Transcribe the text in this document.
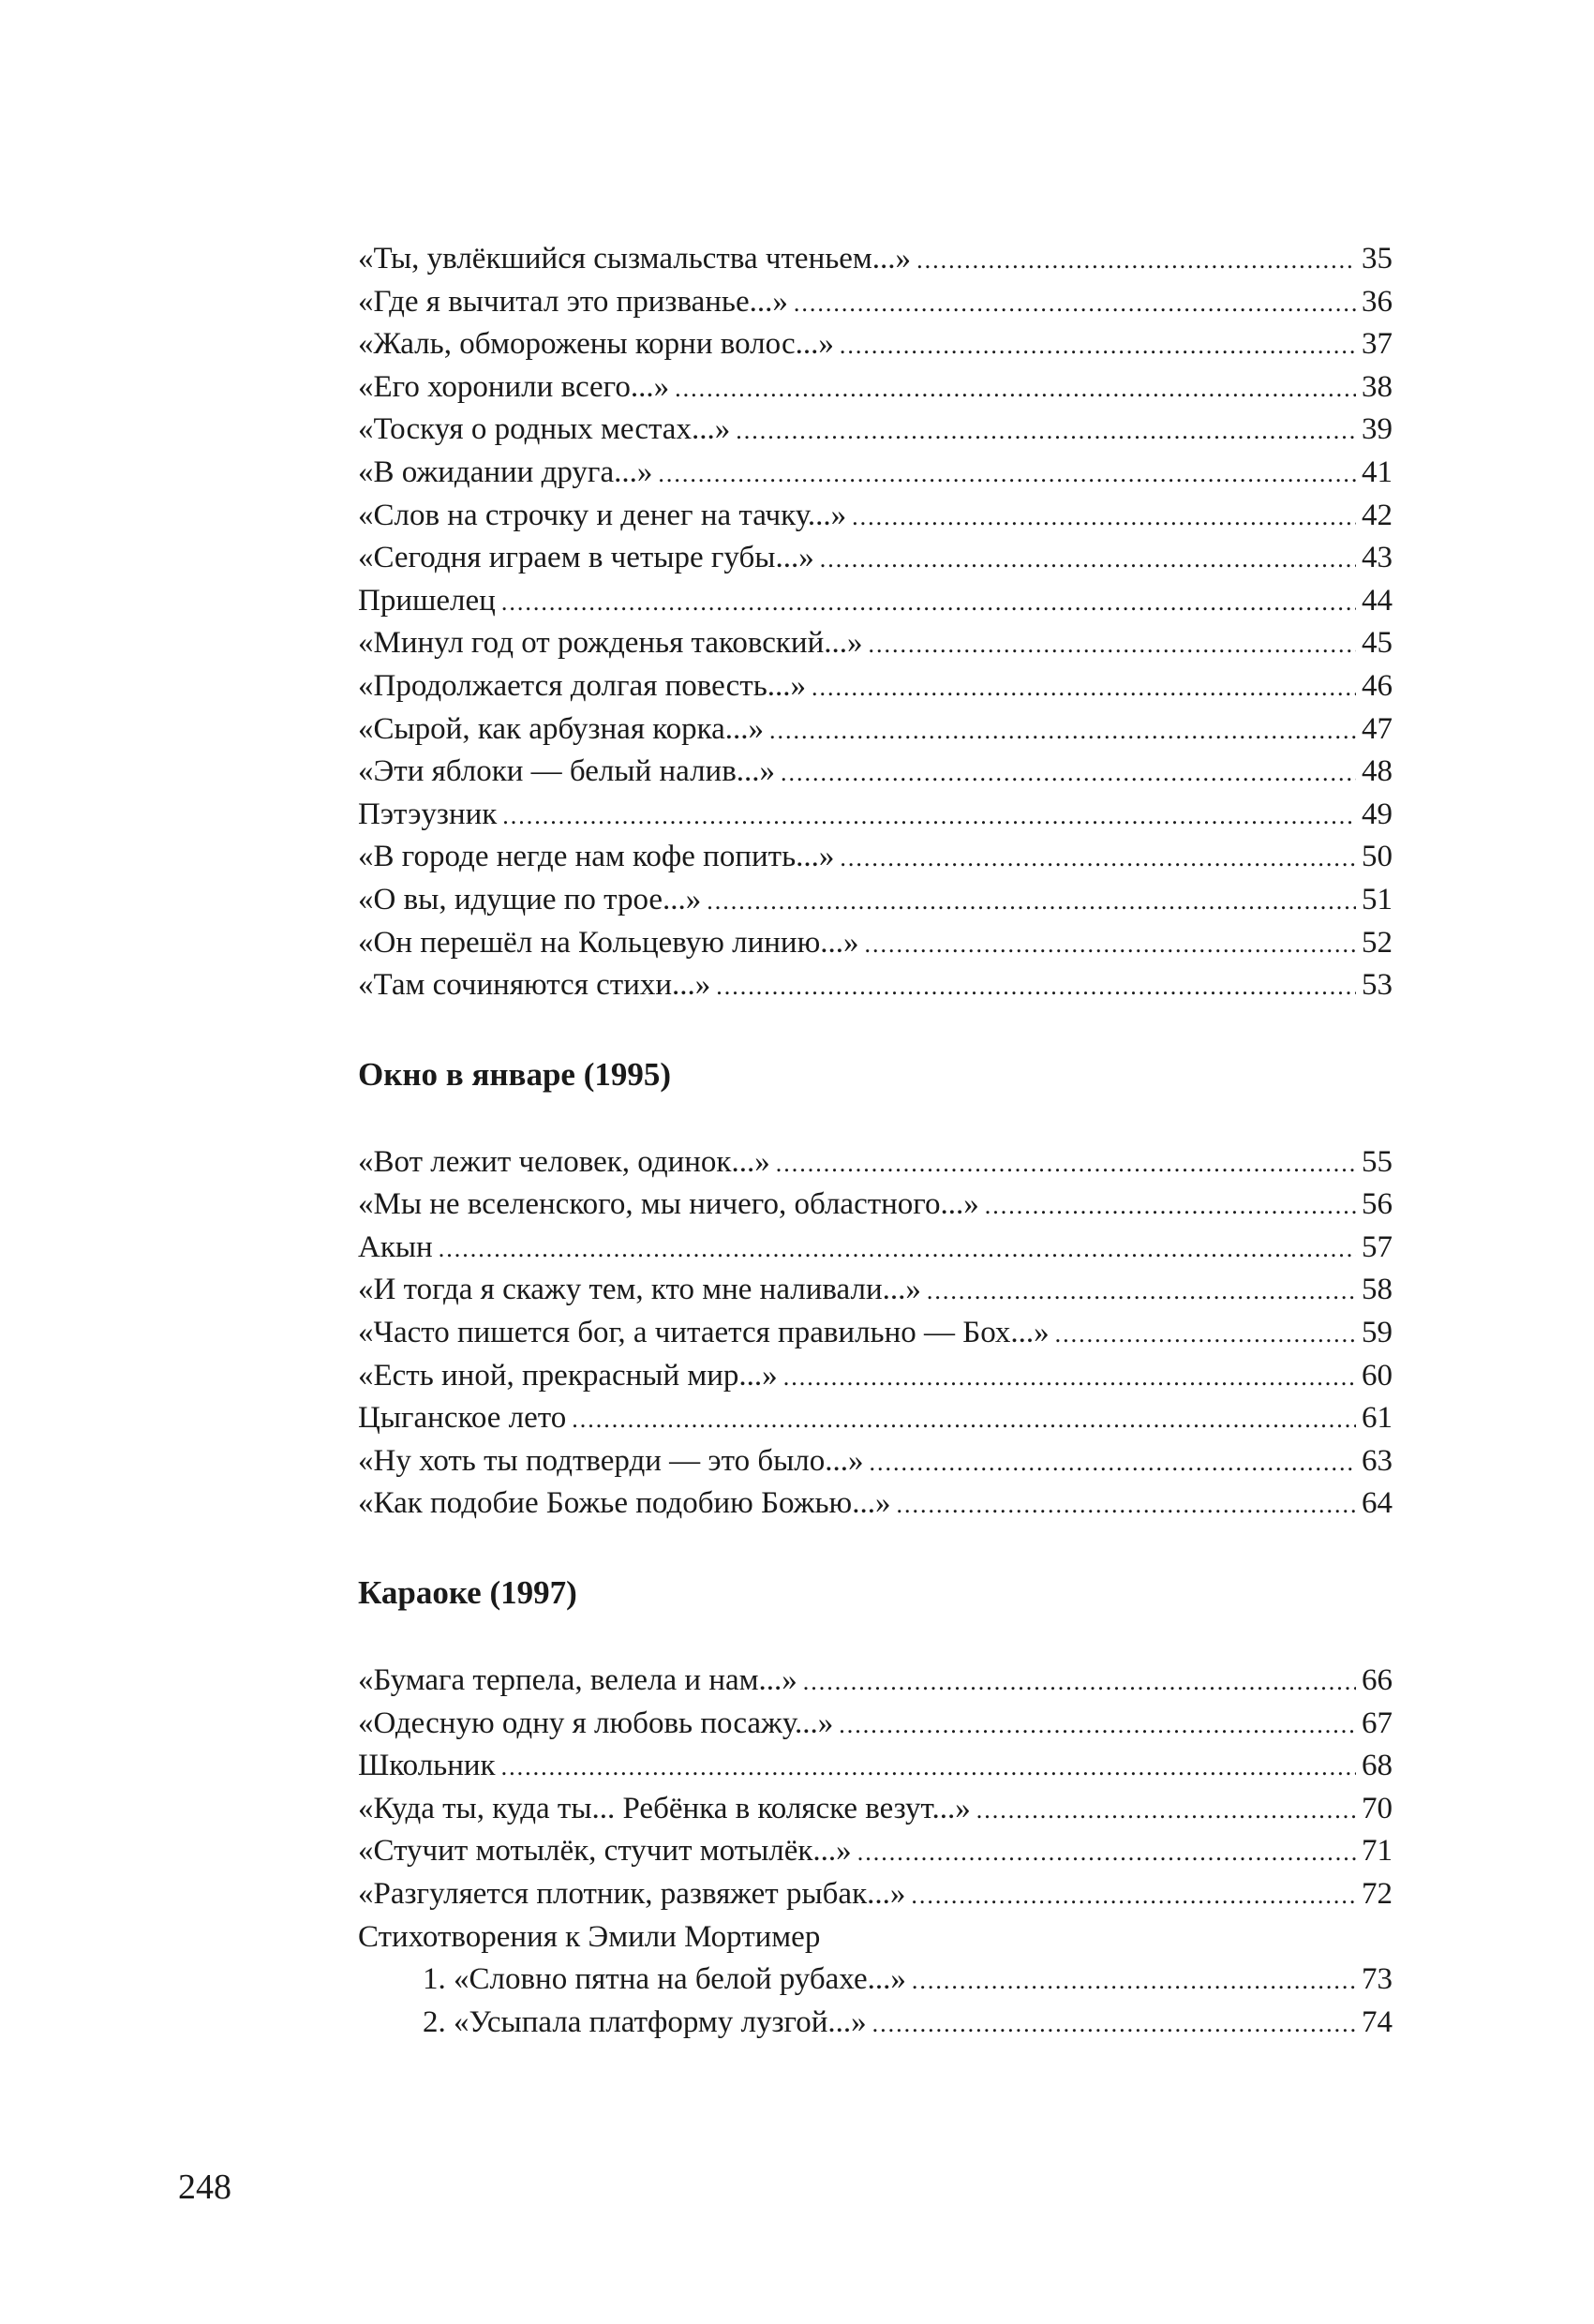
«Ты, увлёкшийся сызмальства чтеньем...» .....	35
«Где я вычитал это призванье...» .....	36
«Жаль, обморожены корни волос...» .....	37
«Его хоронили всего...» .....	38
«Тоскуя о родных местах...» .....	39
«В ожидании друга...» .....	41
«Слов на строчку и денег на тачку...» .....	42
«Сегодня играем в четыре губы...» .....	43
Пришелец .....	44
«Минул год от рожденья таковский...» .....	45
«Продолжается долгая повесть...» .....	46
«Сырой, как арбузная корка...» .....	47
«Эти яблоки — белый налив...» .....	48
Пэтэузник .....	49
«В городе негде нам кофе попить...» .....	50
«О вы, идущие по трое...» .....	51
«Он перешёл на Кольцевую линию...» .....	52
«Там сочиняются стихи...» .....	53
Окно в январе (1995)
«Вот лежит человек, одинок...» .....	55
«Мы не вселенского, мы ничего, областного...» .....	56
Акын .....	57
«И тогда я скажу тем, кто мне наливали...» .....	58
«Часто пишется бог, а читается правильно — Бох...» .....	59
«Есть иной, прекрасный мир...» .....	60
Цыганское лето .....	61
«Ну хоть ты подтверди — это было...» .....	63
«Как подобие Божье подобию Божью...» .....	64
Караоке (1997)
«Бумага терпела, велела и нам...» .....	66
«Одесную одну я любовь посажу...» .....	67
Школьник .....	68
«Куда ты, куда ты... Ребёнка в коляске везут...» .....	70
«Стучит мотылёк, стучит мотылёк...» .....	71
«Разгуляется плотник, развяжет рыбак...» .....	72
Стихотворения к Эмили Мортимер
1. «Словно пятна на белой рубахе...» .....	73
2. «Усыпала платформу лузгой...» .....	74
248
